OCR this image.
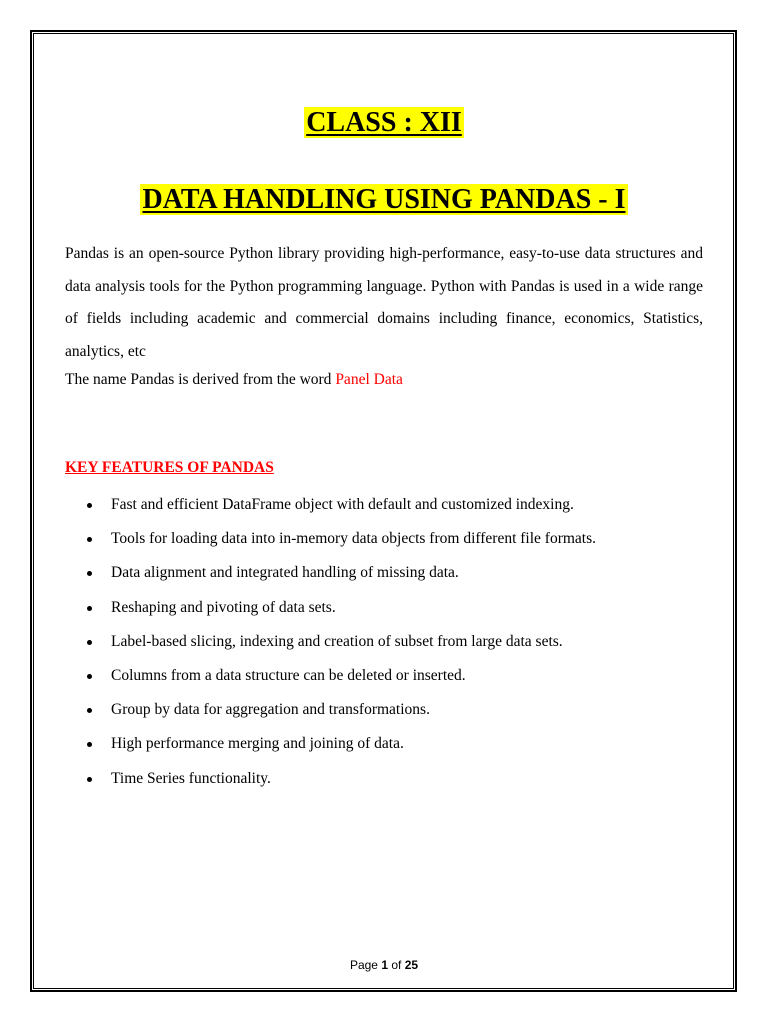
CLASS : XII
DATA HANDLING USING PANDAS - I

Pandas is an open-source Python library providing high-performance, easy-to-use data structures and data analysis tools for the Python programming language. Python with Pandas is used in a wide range of fields including academic and commercial domains including finance, economics, Statistics, analytics, etc

The name Pandas is derived from the word Panel Data

KEY FEATURES OF PANDAS

Fast and efficient DataFrame object with default and customized indexing.
Tools for loading data into in-memory data objects from different file formats.
Data alignment and integrated handling of missing data.
Reshaping and pivoting of data sets.
Label-based slicing, indexing and creation of subset from large data sets.
Columns from a data structure can be deleted or inserted.
Group by data for aggregation and transformations.
High performance merging and joining of data.
Time Series functionality.
Page 1 of 25
